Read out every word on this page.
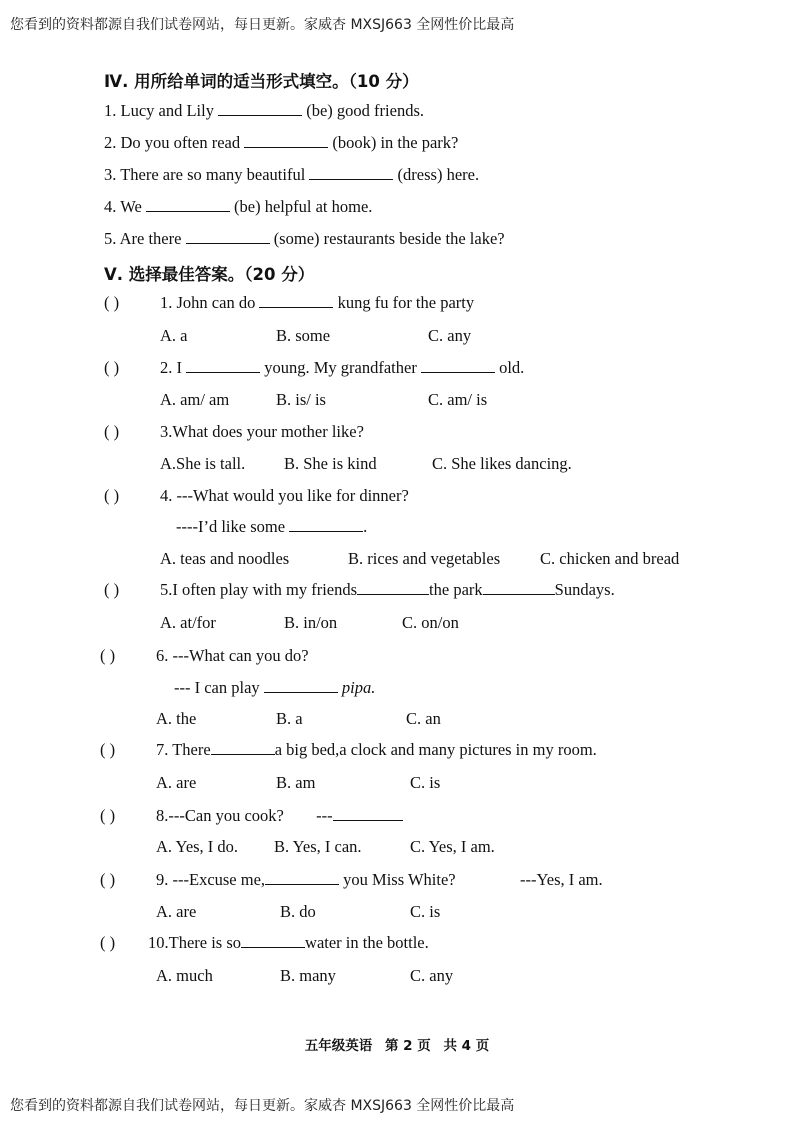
您看到的资料都源自我们试卷网站，每日更新。家威杏 MXSJ663 全网性价比最高
Ⅳ. 用所给单词的适当形式填空。（10 分）
1. Lucy and Lily	(be) good friends.
2. Do you often read	(book) in the park?
3. There are so many beautiful	(dress) here.
4. We	(be) helpful at home.
5. Are there	(some) restaurants beside the lake?
Ⅴ. 选择最佳答案。（20 分）
( ) 1. John can do	kung fu for the party
A. a	B. some	C. any
( ) 2. I	young. My grandfather	old.
A. am/ am	B. is/ is	C. am/ is
( ) 3.What does your mother like?
A.She is tall. B. She is kind	C. She likes dancing.
( ) 4. ---What would you like for dinner?
----I’d like some	.
A. teas and noodles	B. rices and vegetables C. chicken and bread
( ) 5.I often play with my friends	the park	Sundays.
A. at/for	B. in/on	C. on/on
( ) 6. ---What can you do?
--- I can play	pipa.
A. the	B. a	C. an
( ) 7. There	a big bed,a clock and many pictures in my room.
A. are	B. am	C. is
( ) 8.---Can you cook? ---
A. Yes, I do. B. Yes, I can.	C. Yes, I am.
( ) 9. ---Excuse me,	you Miss White?	---Yes, I am.
A. are	B. do	C. is
( ) 10.There is so	water in the bottle.
A. much	B. many	C. any
五年级英语 第 2 页 共 4 页
您看到的资料都源自我们试卷网站，每日更新。家威杏 MXSJ663 全网性价比最高
